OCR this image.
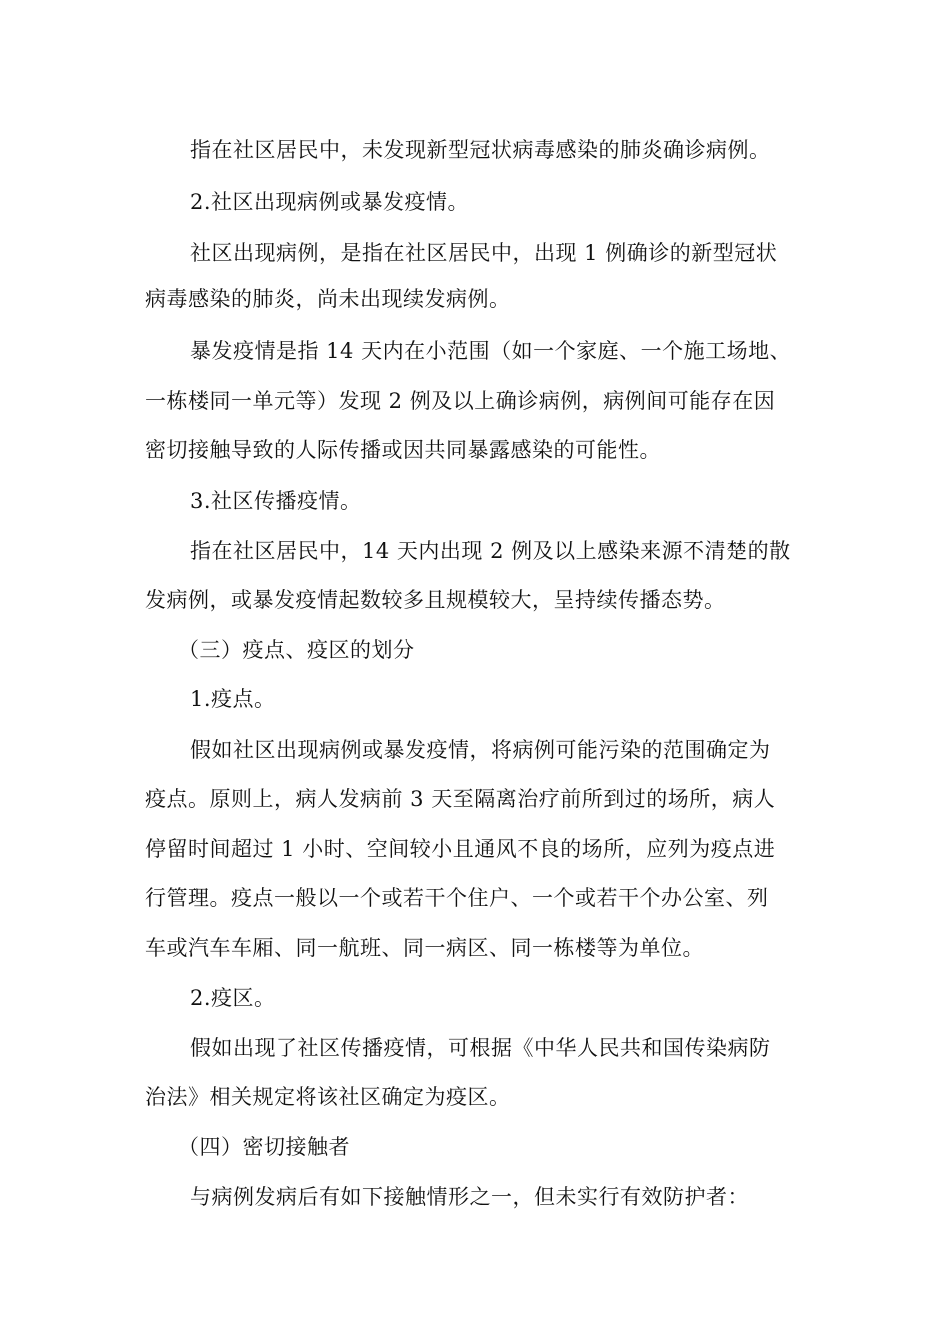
指在社区居民中，未发现新型冠状病毒感染的肺炎确诊病例。
2.社区出现病例或暴发疫情。
社区出现病例，是指在社区居民中，出现 1 例确诊的新型冠状
病毒感染的肺炎，尚未出现续发病例。
暴发疫情是指 14 天内在小范围（如一个家庭、一个施工场地、
一栋楼同一单元等）发现 2 例及以上确诊病例，病例间可能存在因
密切接触导致的人际传播或因共同暴露感染的可能性。
3.社区传播疫情。
指在社区居民中，14 天内出现 2 例及以上感染来源不清楚的散
发病例，或暴发疫情起数较多且规模较大，呈持续传播态势。
（三）疫点、疫区的划分
1.疫点。
假如社区出现病例或暴发疫情，将病例可能污染的范围确定为
疫点。原则上，病人发病前 3 天至隔离治疗前所到过的场所，病人
停留时间超过 1 小时、空间较小且通风不良的场所，应列为疫点进
行管理。疫点一般以一个或若干个住户、一个或若干个办公室、列
车或汽车车厢、同一航班、同一病区、同一栋楼等为单位。
2.疫区。
假如出现了社区传播疫情，可根据《中华人民共和国传染病防
治法》相关规定将该社区确定为疫区。
（四）密切接触者
与病例发病后有如下接触情形之一，但未实行有效防护者：
